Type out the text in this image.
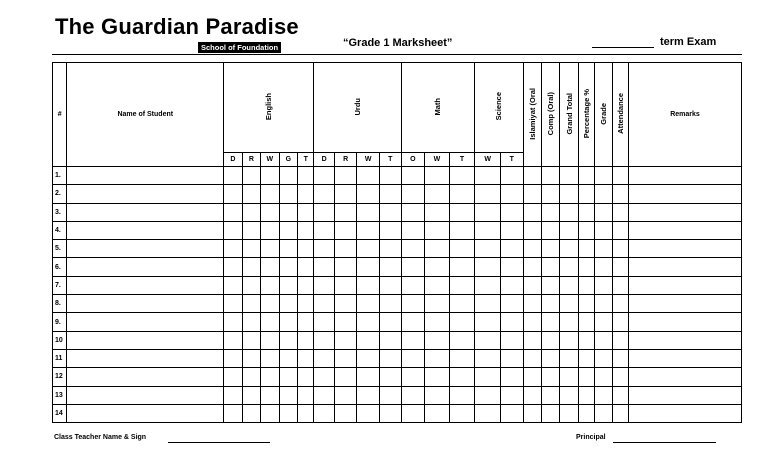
The Guardian Paradise
School of Foundation	“Grade 1 Marksheet”	term Exam
#	Name of Student	English					Urdu				Math			Science		Islamiyat (Oral	Comp (Oral)	Grand Total	Percentage %	Grade	Attendance	Remarks
		D	R	W	G	T	D	R	W	T	O	W	T	W	T							
1.																						
2.																						
3.																						
4.																						
5.																						
6.																						
7.																						
8.																						
9.																						
10																						
11																						
12																						
13																						
14																						
Class Teacher Name & Sign	Principal
